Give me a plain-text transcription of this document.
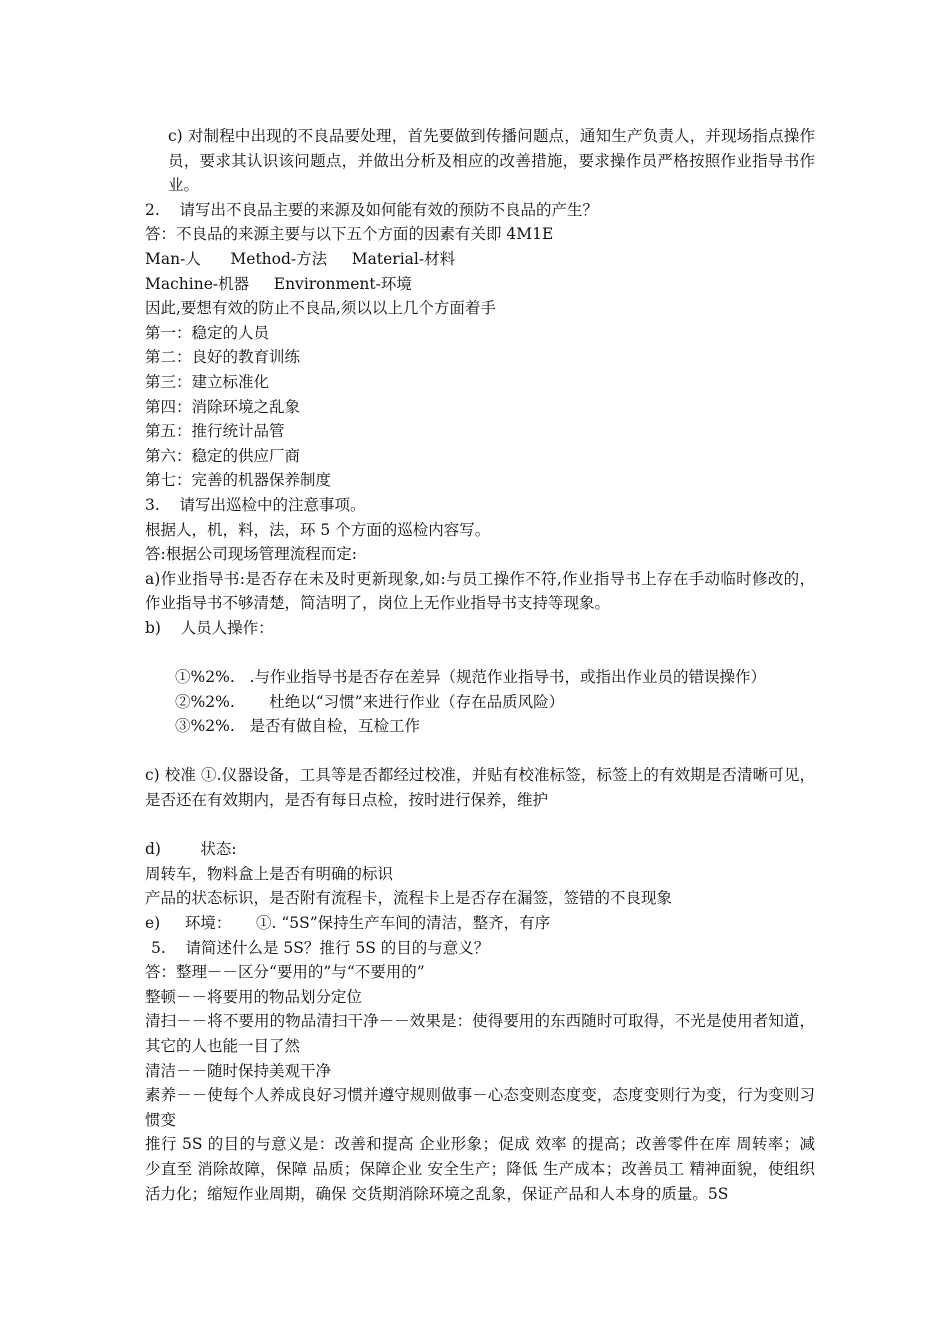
c) 对制程中出现的不良品要处理，首先要做到传播问题点，通知生产负责人，并现场指点操作员，要求其认识该问题点，并做出分析及相应的改善措施，要求操作员严格按照作业指导书作业。
2.    请写出不良品主要的来源及如何能有效的预防不良品的产生？
答：不良品的来源主要与以下五个方面的因素有关即 4M1E
Man-人      Method-方法     Material-材料
Machine-机器     Environment-环境
因此,要想有效的防止不良品,须以以上几个方面着手
第一：稳定的人员
第二：良好的教育训练
第三：建立标准化
第四：消除环境之乱象
第五：推行统计品管
第六：稳定的供应厂商
第七：完善的机器保养制度
3.    请写出巡检中的注意事项。
根据人，机，料，法，环 5 个方面的巡检内容写。
答:根据公司现场管理流程而定:
a)作业指导书:是否存在未及时更新现象,如:与员工操作不符,作业指导书上存在手动临时修改的，作业指导书不够清楚，简洁明了，岗位上无作业指导书支持等现象。
b)    人员人操作：
①%2%.   .与作业指导书是否存在差异（规范作业指导书，或指出作业员的错误操作）
②%2%.       杜绝以“习惯”来进行作业（存在品质风险）
③%2%.   是否有做自检，互检工作
c) 校准 ①.仪器设备，工具等是否都经过校准，并贴有校准标签，标签上的有效期是否清晰可见，是否还在有效期内，是否有每日点检，按时进行保养，维护
d)        状态:
周转车，物料盒上是否有明确的标识
产品的状态标识，是否附有流程卡，流程卡上是否存在漏签，签错的不良现象
e)     环境：     ①. “5S”保持生产车间的清洁，整齐，有序
5.    请简述什么是 5S？推行 5S 的目的与意义？
答：整理－－区分“要用的”与“不要用的”
整顿－－将要用的物品划分定位
清扫－－将不要用的物品清扫干净－－效果是：使得要用的东西随时可取得，不光是使用者知道，其它的人也能一目了然
清洁－－随时保持美观干净
素养－－使每个人养成良好习惯并遵守规则做事－心态变则态度变，态度变则行为变，行为变则习惯变
推行 5S 的目的与意义是：改善和提高 企业形象；促成 效率 的提高；改善零件在库 周转率；减少直至 消除故障，保障 品质；保障企业 安全生产；降低 生产成本；改善员工 精神面貌，使组织活力化；缩短作业周期，确保 交货期消除环境之乱象，保证产品和人本身的质量。5S
